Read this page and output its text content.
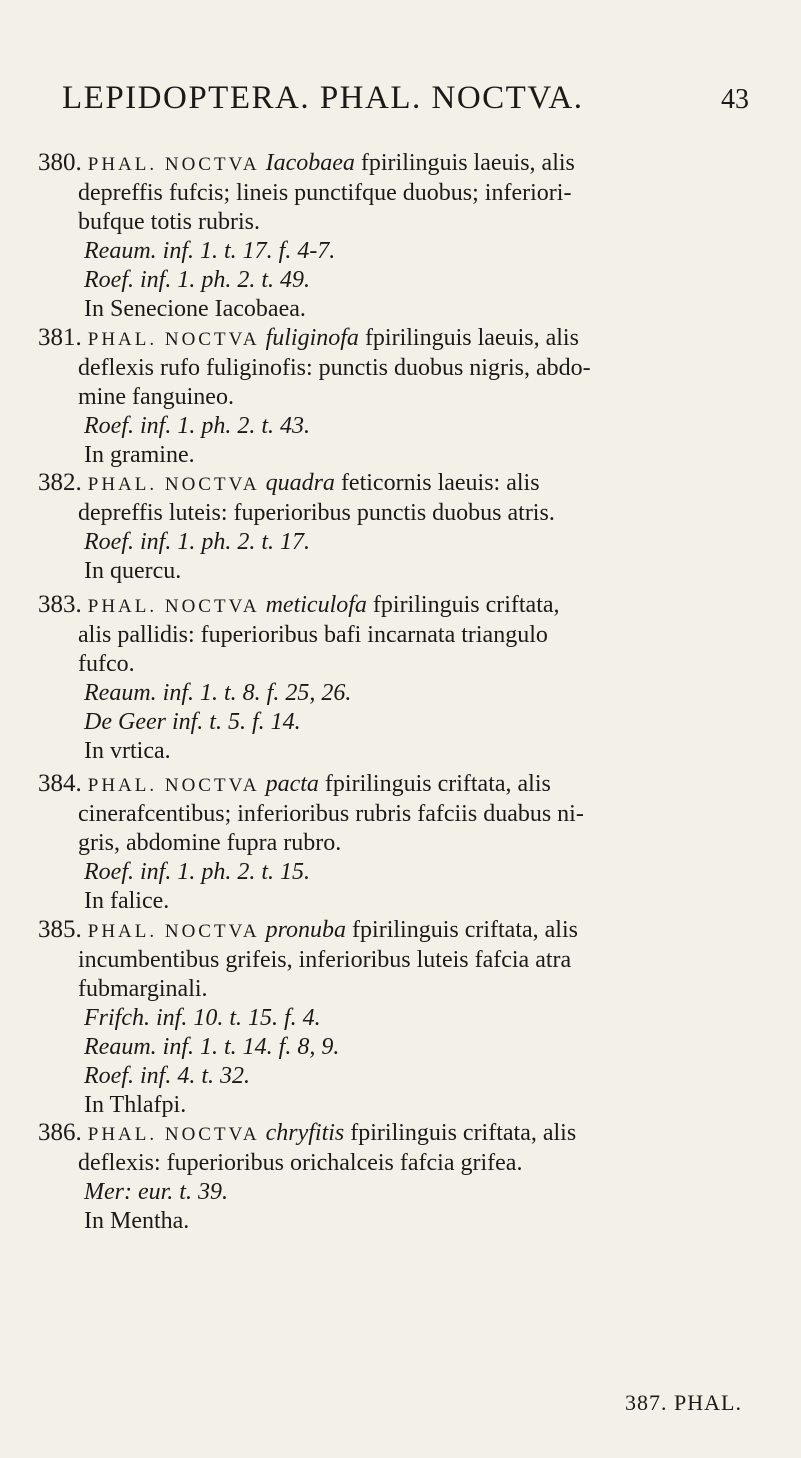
LEPIDOPTERA. PHAL. NOCTVA.	43

380. PHAL. NOCTVA Iacobaea fpirilinguis laeuis, alis

depreffis fufcis; lineis punctifque duobus; inferiori-

bufque totis rubris.

Reaum. inf. 1. t. 17. f. 4-7.

Roef. inf. 1. ph. 2. t. 49.

In Senecione Iacobaea.

381. PHAL. NOCTVA fuliginofa fpirilinguis laeuis, alis

deflexis rufo fuliginofis: punctis duobus nigris, abdo-

mine fanguineo.

Roef. inf. 1. ph. 2. t. 43.

In gramine.

382. PHAL. NOCTVA quadra feticornis laeuis: alis

depreffis luteis: fuperioribus punctis duobus atris.

Roef. inf. 1. ph. 2. t. 17.

In quercu.

383. PHAL. NOCTVA meticulofa fpirilinguis criftata,

alis pallidis: fuperioribus bafi incarnata triangulo

fufco.

Reaum. inf. 1. t. 8. f. 25, 26.

De Geer inf. t. 5. f. 14.

In vrtica.

384. PHAL. NOCTVA pacta fpirilinguis criftata, alis

cinerafcentibus; inferioribus rubris fafciis duabus ni-

gris, abdomine fupra rubro.

Roef. inf. 1. ph. 2. t. 15.

In falice.

385. PHAL. NOCTVA pronuba fpirilinguis criftata, alis

incumbentibus grifeis, inferioribus luteis fafcia atra

fubmarginali.

Frifch. inf. 10. t. 15. f. 4.

Reaum. inf. 1. t. 14. f. 8, 9.

Roef. inf. 4. t. 32.

In Thlafpi.

386. PHAL. NOCTVA chryfitis fpirilinguis criftata, alis

deflexis: fuperioribus orichalceis fafcia grifea.

Mer: eur. t. 39.

In Mentha.

387. PHAL.
